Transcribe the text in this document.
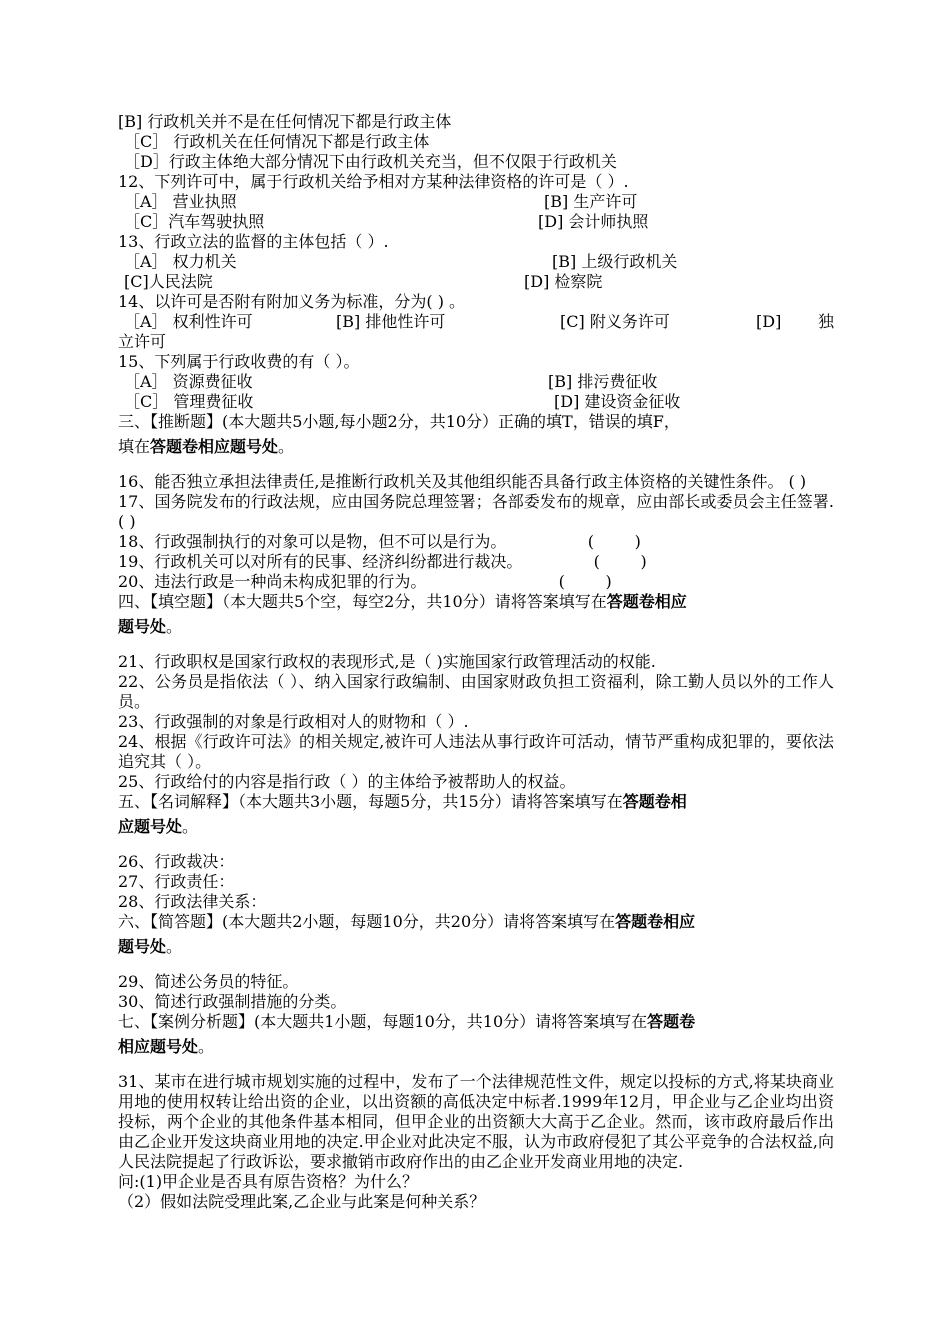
[B] 行政机关并不是在任何情况下都是行政主体

［C］ 行政机关在任何情况下都是行政主体

［D］行政主体绝大部分情况下由行政机关充当，但不仅限于行政机关

12、下列许可中，属于行政机关给予相对方某种法律资格的许可是（ ）.

［A］ 营业执照	[B] 生产许可
［C］汽车驾驶执照	[D] 会计师执照

13、行政立法的监督的主体包括（ ）.

［A］ 权力机关	[B] 上级行政机关
[C]人民法院	[D] 检察院

14、以许可是否附有附加义务为标准，分为( ) 。

［A］ 权利性许可	[B] 排他性许可	[C] 附义务许可	[D] 独

立许可

15、下列属于行政收费的有（ ）。

［A］ 资源费征收	[B] 排污费征收
［C］ 管理费征收	[D] 建设资金征收

三、【推断题】(本大题共5小题,每小题2分，共10分）正确的填T，错误的填F，

填在答题卷相应题号处。

16、能否独立承担法律责任,是推断行政机关及其他组织能否具备行政主体资格的关键性条件。 ( )

17、国务院发布的行政法规，应由国务院总理签署；各部委发布的规章，应由部长或委员会主任签署. ( )

18、行政强制执行的对象可以是物，但不可以是行为。                (        )

19、行政机关可以对所有的民事、经济纠纷都进行裁决。              (        )

20、违法行政是一种尚未构成犯罪的行为。                          (        )

四、【填空题】（本大题共5个空，每空2分，共10分）请将答案填写在答题卷相应

题号处。

21、行政职权是国家行政权的表现形式,是（ )实施国家行政管理活动的权能.

22、公务员是指依法（ ）、纳入国家行政编制、由国家财政负担工资福利，除工勤人员以外的工作人员。

23、行政强制的对象是行政相对人的财物和（ ）.

24、根据《行政许可法》的相关规定,被许可人违法从事行政许可活动，情节严重构成犯罪的，要依法追究其（ ）。

25、行政给付的内容是指行政（ ）的主体给予被帮助人的权益。

五、【名词解释】（本大题共3小题，每题5分，共15分）请将答案填写在答题卷相

应题号处。

26、行政裁决：

27、行政责任：

28、行政法律关系：

六、【简答题】(本大题共2小题，每题10分，共20分）请将答案填写在答题卷相应

题号处。

29、简述公务员的特征。

30、简述行政强制措施的分类。

七、【案例分析题】(本大题共1小题，每题10分，共10分）请将答案填写在答题卷

相应题号处。

31、某市在进行城市规划实施的过程中，发布了一个法律规范性文件，规定以投标的方式,将某块商业用地的使用权转让给出资的企业，以出资额的高低决定中标者.1999年12月，甲企业与乙企业均出资投标，两个企业的其他条件基本相同，但甲企业的出资额大大高于乙企业。然而，该市政府最后作出由乙企业开发这块商业用地的决定.甲企业对此决定不服，认为市政府侵犯了其公平竞争的合法权益,向人民法院提起了行政诉讼，要求撤销市政府作出的由乙企业开发商业用地的决定.

问:(1)甲企业是否具有原告资格？为什么？

（2）假如法院受理此案,乙企业与此案是何种关系？
